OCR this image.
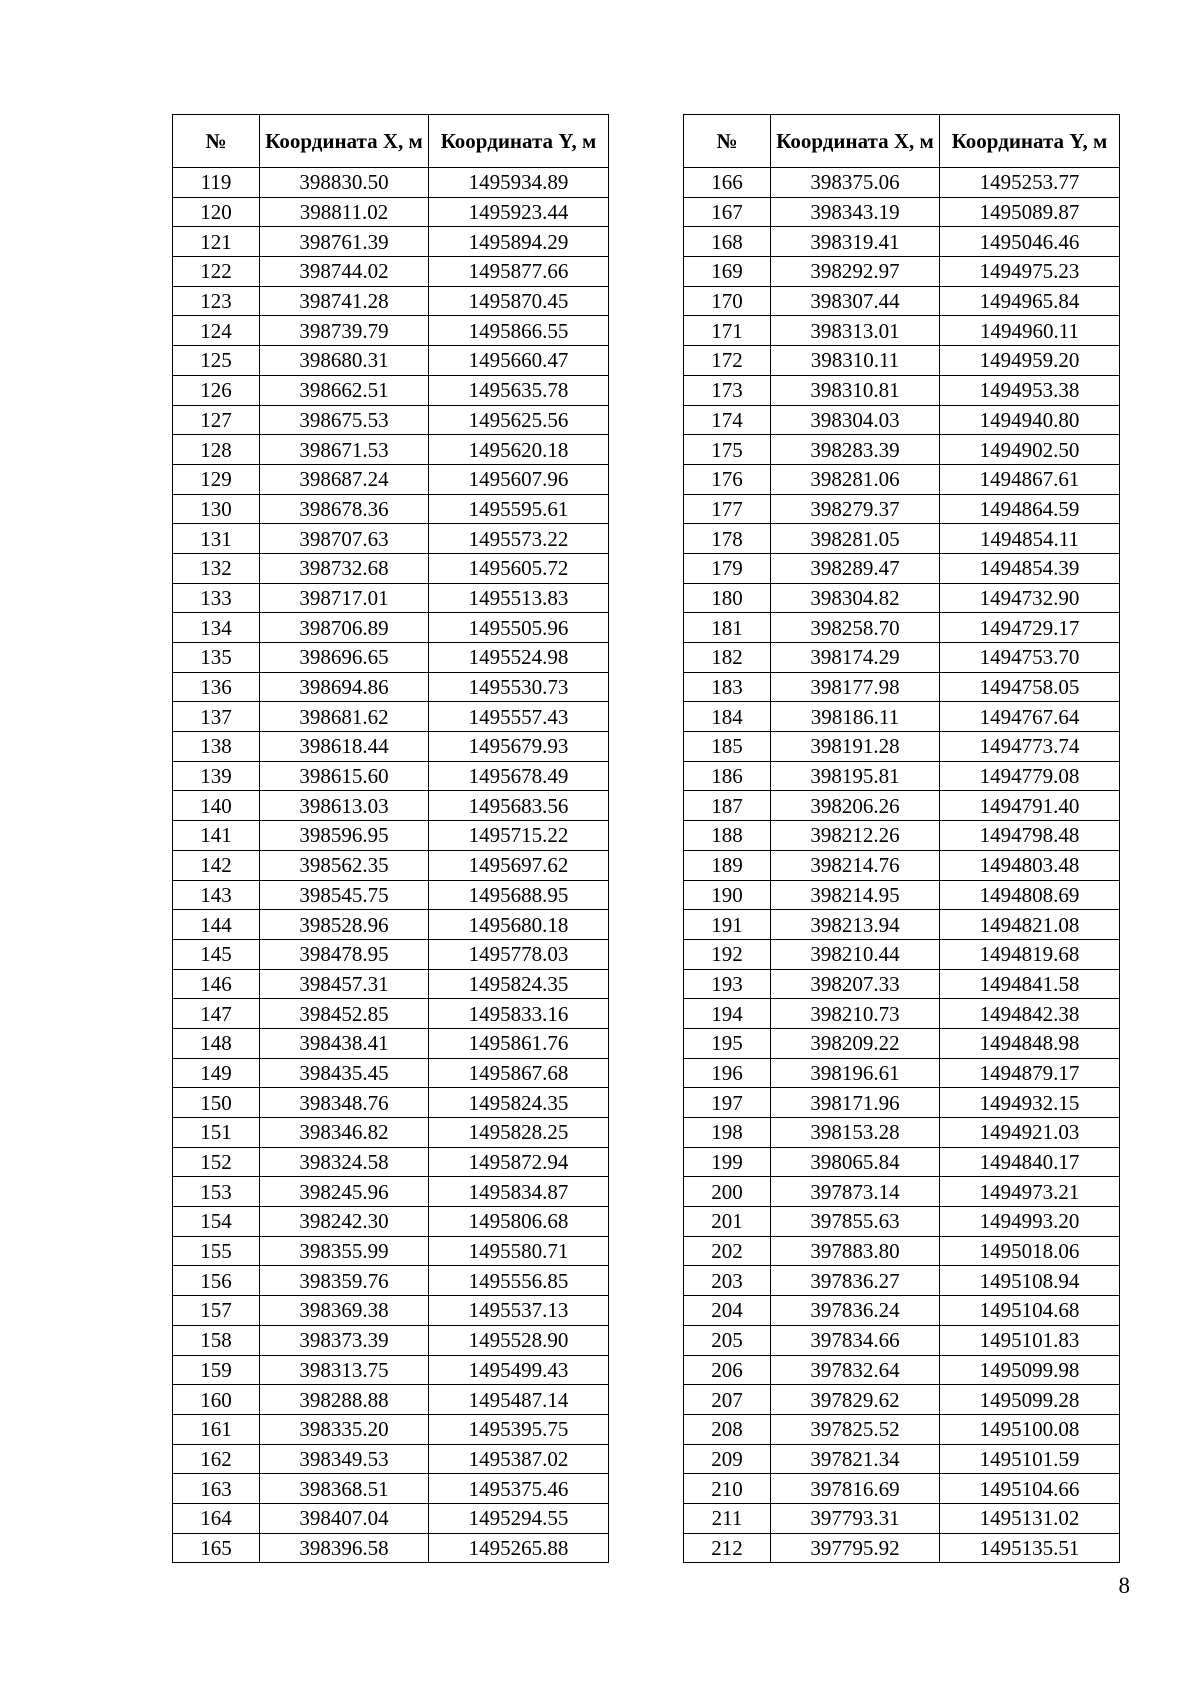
№	Координата X, м	Координата Y, м
119	398830.50	1495934.89
120	398811.02	1495923.44
121	398761.39	1495894.29
122	398744.02	1495877.66
123	398741.28	1495870.45
124	398739.79	1495866.55
125	398680.31	1495660.47
126	398662.51	1495635.78
127	398675.53	1495625.56
128	398671.53	1495620.18
129	398687.24	1495607.96
130	398678.36	1495595.61
131	398707.63	1495573.22
132	398732.68	1495605.72
133	398717.01	1495513.83
134	398706.89	1495505.96
135	398696.65	1495524.98
136	398694.86	1495530.73
137	398681.62	1495557.43
138	398618.44	1495679.93
139	398615.60	1495678.49
140	398613.03	1495683.56
141	398596.95	1495715.22
142	398562.35	1495697.62
143	398545.75	1495688.95
144	398528.96	1495680.18
145	398478.95	1495778.03
146	398457.31	1495824.35
147	398452.85	1495833.16
148	398438.41	1495861.76
149	398435.45	1495867.68
150	398348.76	1495824.35
151	398346.82	1495828.25
152	398324.58	1495872.94
153	398245.96	1495834.87
154	398242.30	1495806.68
155	398355.99	1495580.71
156	398359.76	1495556.85
157	398369.38	1495537.13
158	398373.39	1495528.90
159	398313.75	1495499.43
160	398288.88	1495487.14
161	398335.20	1495395.75
162	398349.53	1495387.02
163	398368.51	1495375.46
164	398407.04	1495294.55
165	398396.58	1495265.88
№	Координата X, м	Координата Y, м
166	398375.06	1495253.77
167	398343.19	1495089.87
168	398319.41	1495046.46
169	398292.97	1494975.23
170	398307.44	1494965.84
171	398313.01	1494960.11
172	398310.11	1494959.20
173	398310.81	1494953.38
174	398304.03	1494940.80
175	398283.39	1494902.50
176	398281.06	1494867.61
177	398279.37	1494864.59
178	398281.05	1494854.11
179	398289.47	1494854.39
180	398304.82	1494732.90
181	398258.70	1494729.17
182	398174.29	1494753.70
183	398177.98	1494758.05
184	398186.11	1494767.64
185	398191.28	1494773.74
186	398195.81	1494779.08
187	398206.26	1494791.40
188	398212.26	1494798.48
189	398214.76	1494803.48
190	398214.95	1494808.69
191	398213.94	1494821.08
192	398210.44	1494819.68
193	398207.33	1494841.58
194	398210.73	1494842.38
195	398209.22	1494848.98
196	398196.61	1494879.17
197	398171.96	1494932.15
198	398153.28	1494921.03
199	398065.84	1494840.17
200	397873.14	1494973.21
201	397855.63	1494993.20
202	397883.80	1495018.06
203	397836.27	1495108.94
204	397836.24	1495104.68
205	397834.66	1495101.83
206	397832.64	1495099.98
207	397829.62	1495099.28
208	397825.52	1495100.08
209	397821.34	1495101.59
210	397816.69	1495104.66
211	397793.31	1495131.02
212	397795.92	1495135.51
8
